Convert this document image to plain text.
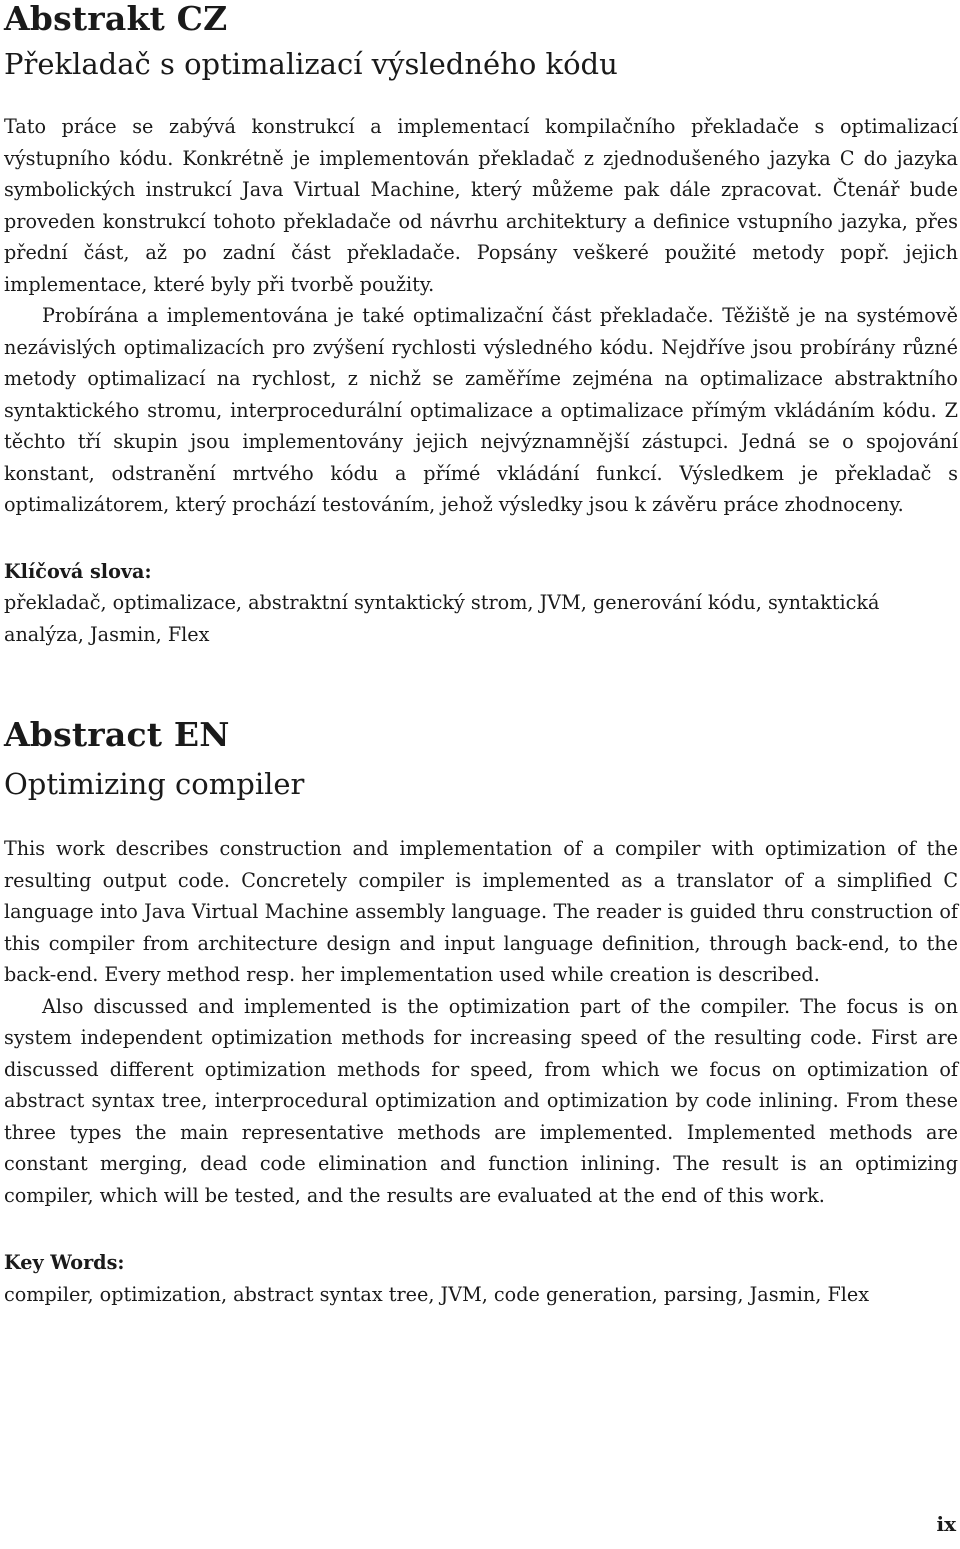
Abstrakt CZ
Překladač s optimalizací výsledného kódu

Tato práce se zabývá konstrukcí a implementací kompilačního překladače s optimalizací výstupního kódu. Konkrétně je implementován překladač z zjednodušeného jazyka C do jazyka symbolických instrukcí Java Virtual Machine, který můžeme pak dále zpracovat. Čtenář bude proveden konstrukcí tohoto překladače od návrhu architektury a definice vstupního jazyka, přes přední část, až po zadní část překladače. Popsány veškeré použité metody popř. jejich implementace, které byly při tvorbě použity.

Probírána a implementována je také optimalizační část překladače. Těžiště je na systémově nezávislých optimalizacích pro zvýšení rychlosti výsledného kódu. Nejdříve jsou probírány různé metody optimalizací na rychlost, z nichž se zaměříme zejména na optimalizace abstraktního syntaktického stromu, interprocedurální optimalizace a optimalizace přímým vkládáním kódu. Z těchto tří skupin jsou implementovány jejich nejvýznamnější zástupci. Jedná se o spojování konstant, odstranění mrtvého kódu a přímé vkládání funkcí. Výsledkem je překladač s optimalizátorem, který prochází testováním, jehož výsledky jsou k závěru práce zhodnoceny.

Klíčová slova:

překladač, optimalizace, abstraktní syntaktický strom, JVM, generování kódu, syntaktická analýza, Jasmin, Flex

Abstract EN
Optimizing compiler

This work describes construction and implementation of a compiler with optimization of the resulting output code. Concretely compiler is implemented as a translator of a simplified C language into Java Virtual Machine assembly language. The reader is guided thru construction of this compiler from architecture design and input language definition, through back-end, to the back-end. Every method resp. her implementation used while creation is described.

Also discussed and implemented is the optimization part of the compiler. The focus is on system independent optimization methods for increasing speed of the resulting code. First are discussed different optimization methods for speed, from which we focus on optimization of abstract syntax tree, interprocedural optimization and optimization by code inlining. From these three types the main representative methods are implemented. Implemented methods are constant merging, dead code elimination and function inlining. The result is an optimizing compiler, which will be tested, and the results are evaluated at the end of this work.

Key Words:

compiler, optimization, abstract syntax tree, JVM, code generation, parsing, Jasmin, Flex

ix
